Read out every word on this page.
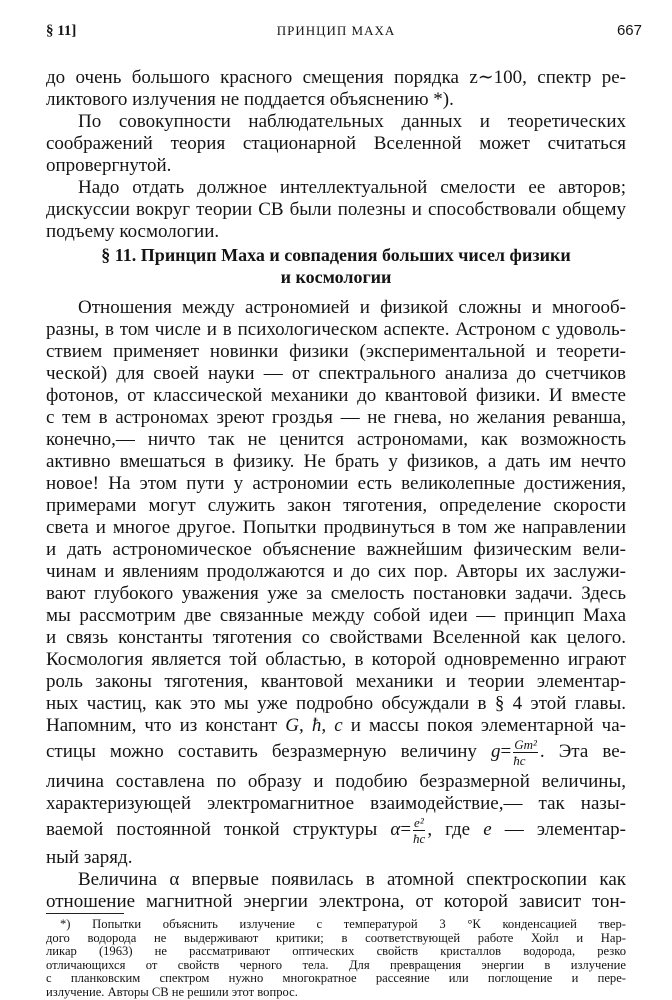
§ 11]	ПРИНЦИП МАХА	667
до очень большого красного смещения порядка z∼100, спектр ре-
ликтового излучения не поддается объяснению *).
По совокупности наблюдательных данных и теоретических
соображений теория стационарной Вселенной может считаться
опровергнутой.
Надо отдать должное интеллектуальной смелости ее авторов;
дискуссии вокруг теории СВ были полезны и способствовали общему
подъему космологии.
§ 11. Принцип Маха и совпадения больших чисел физики
и космологии
Отношения между астрономией и физикой сложны и многооб-
разны, в том числе и в психологическом аспекте. Астроном с удоволь-
ствием применяет новинки физики (экспериментальной и теорети-
ческой) для своей науки — от спектрального анализа до счетчиков
фотонов, от классической механики до квантовой физики. И вместе
с тем в астрономах зреют гроздья — не гнева, но желания реванша,
конечно,— ничто так не ценится астрономами, как возможность
активно вмешаться в физику. Не брать у физиков, а дать им нечто
новое! На этом пути у астрономии есть великолепные достижения,
примерами могут служить закон тяготения, определение скорости
света и многое другое. Попытки продвинуться в том же направлении
и дать астрономическое объяснение важнейшим физическим вели-
чинам и явлениям продолжаются и до сих пор. Авторы их заслужи-
вают глубокого уважения уже за смелость постановки задачи. Здесь
мы рассмотрим две связанные между собой идеи — принцип Маха
и связь константы тяготения со свойствами Вселенной как целого.
Космология является той областью, в которой одновременно играют
роль законы тяготения, квантовой механики и теории элементар-
ных частиц, как это мы уже подробно обсуждали в § 4 этой главы.
Напомним, что из констант G, ħ, c и массы покоя элементарной ча-
стицы можно составить безразмерную величину $g= \frac{\text{Gm²}}{ħc}$ . Эта ве-
личина составлена по образу и подобию безразмерной величины,
характеризующей электромагнитное взаимодействие,— так назы-
ваемой постоянной тонкой структуры $\alpha= \frac{\text{e²}}{ħc}$ , где e — элементар-
ный заряд.
Величина α впервые появилась в атомной спектроскопии как
отношение магнитной энергии электрона, от которой зависит тон-
*) Попытки объяснить излучение с температурой 3 °К конденсацией твер-
дого водорода не выдерживают критики; в соответствующей работе Хойл и Нар-
ликар (1963) не рассматривают оптических свойств кристаллов водорода, резко
отличающихся от свойств черного тела. Для превращения энергии в излучение
с планковским спектром нужно многократное рассеяние или поглощение и пере-
излучение. Авторы СВ не решили этот вопрос.
